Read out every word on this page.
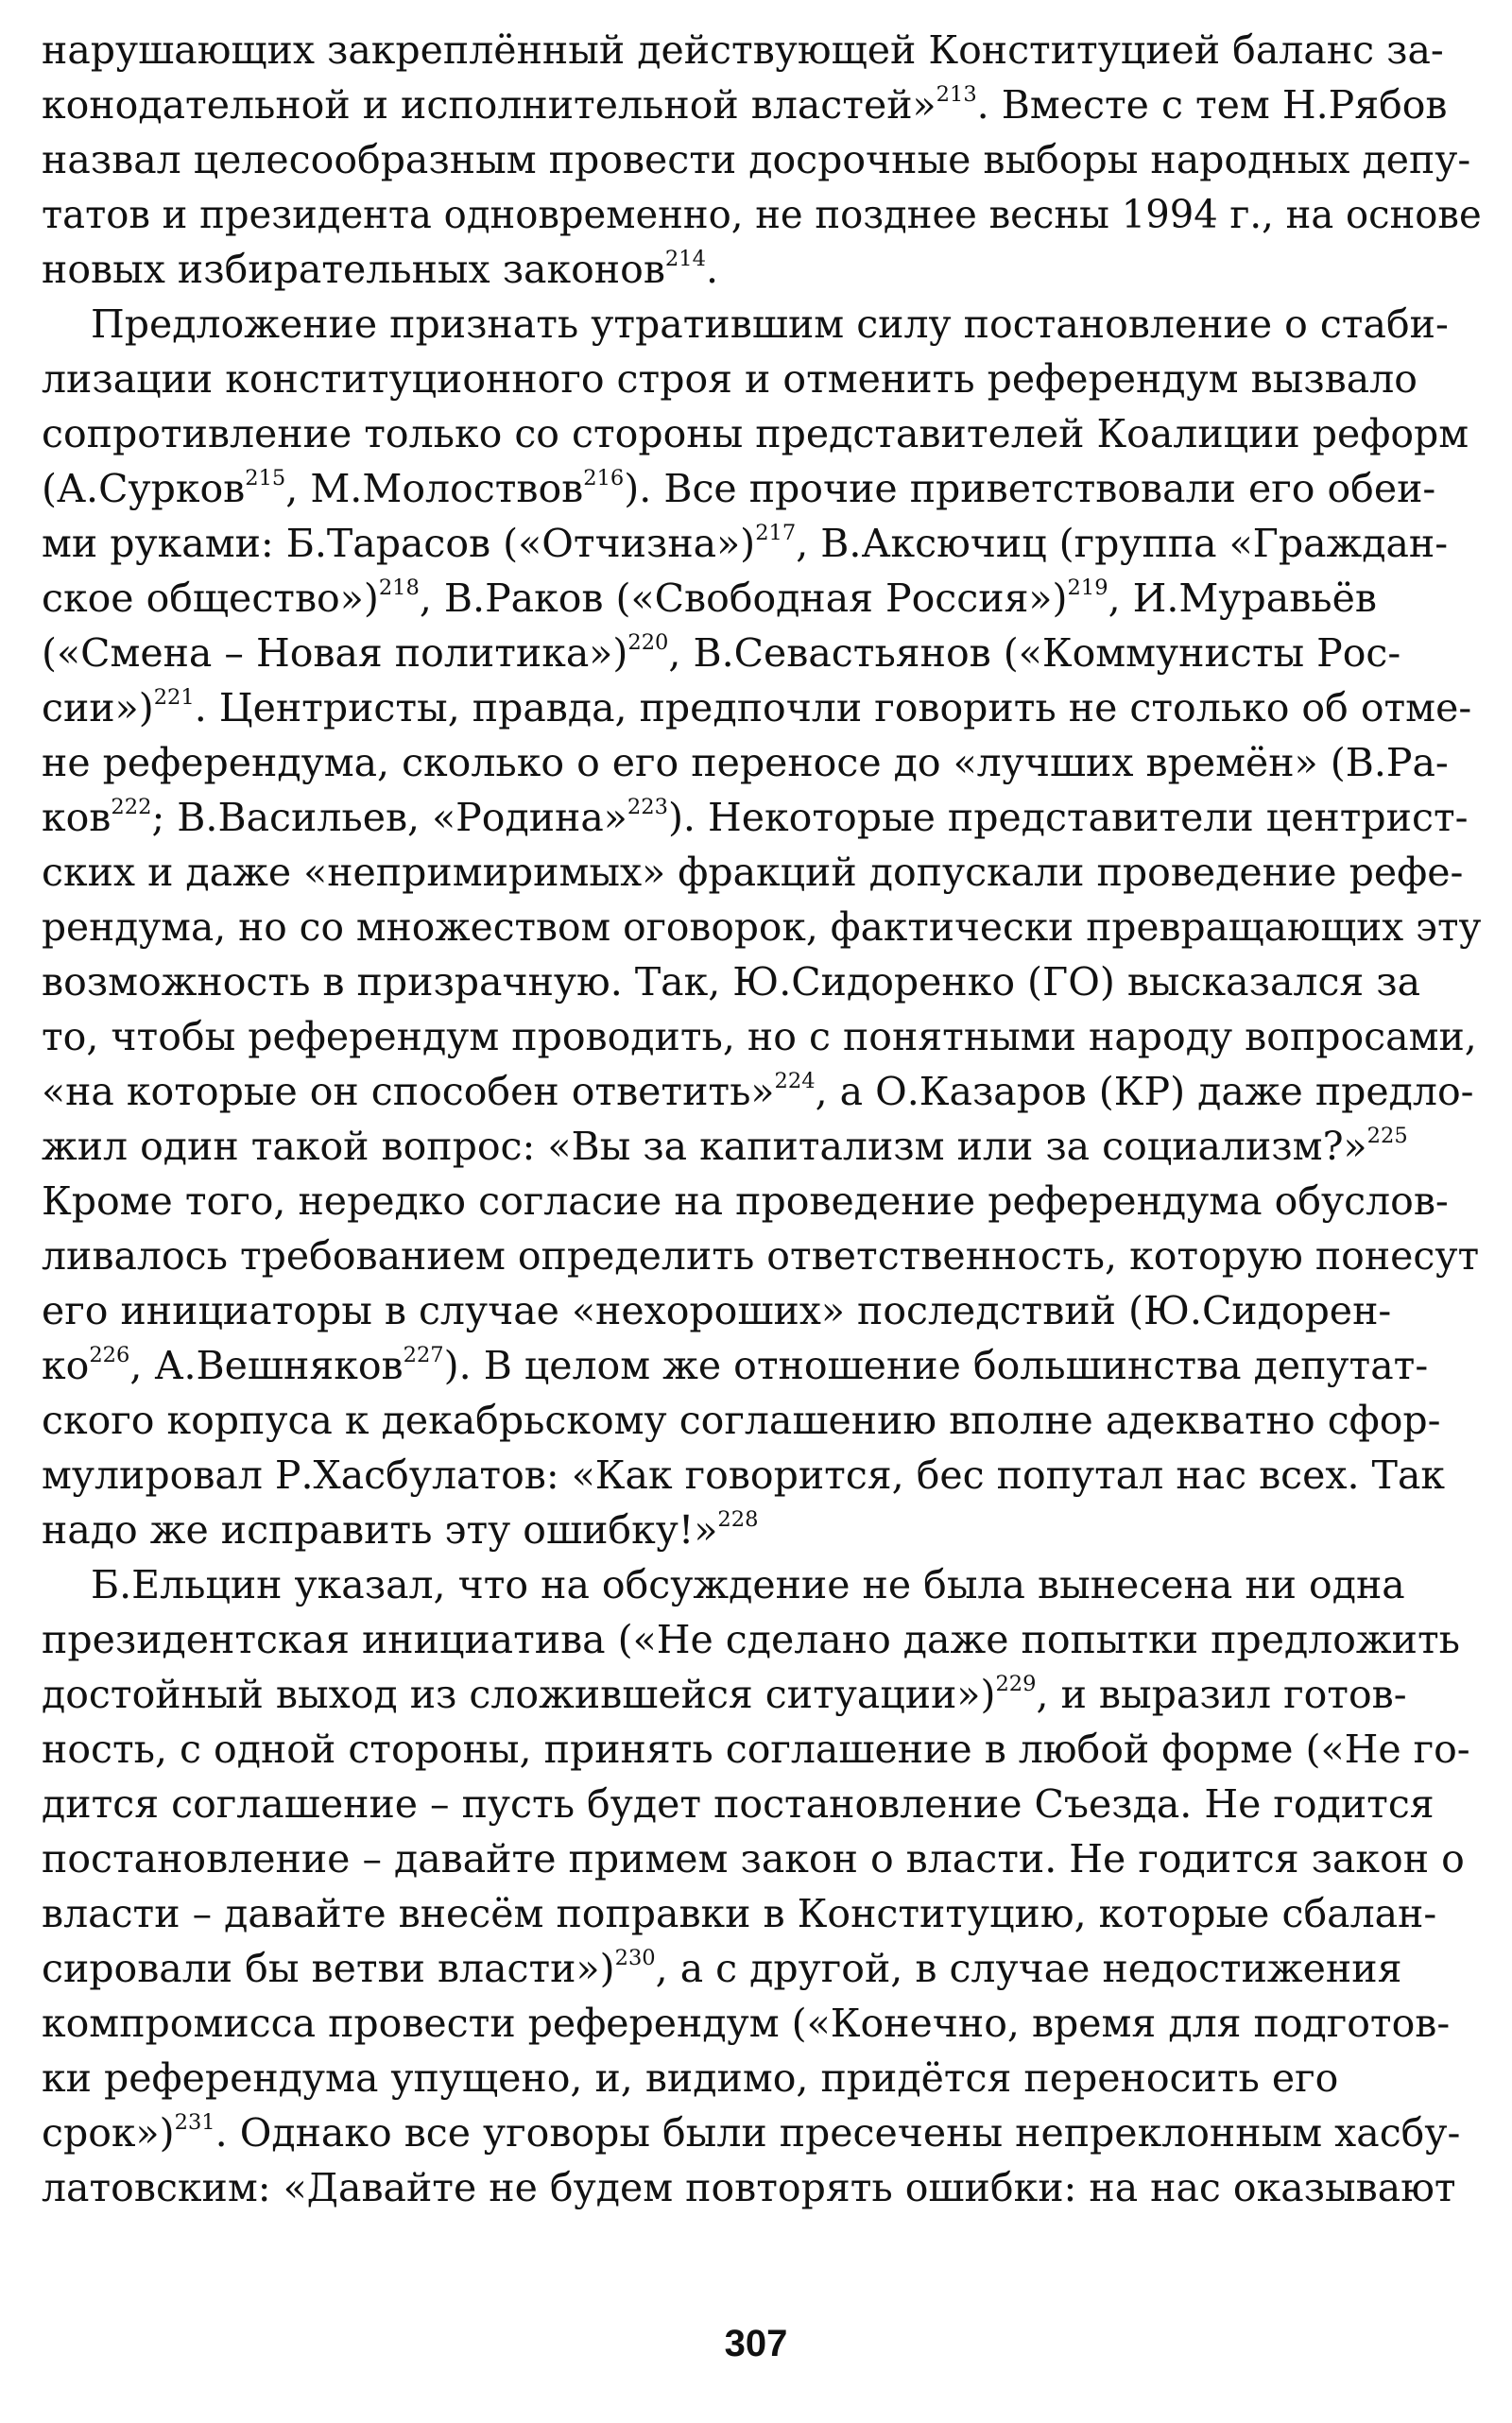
нарушающих закреплённый действующей Конституцией баланс за-
конодательной и исполнительной властей»$^{213}$. Вместе с тем Н.Рябов
назвал целесообразным провести досрочные выборы народных депу-
татов и президента одновременно, не позднее весны 1994 г., на основе
новых избирательных законов$^{214}$.
Предложение признать утратившим силу постановление о стаби-
лизации конституционного строя и отменить референдум вызвало
сопротивление только со стороны представителей Коалиции реформ
(А.Сурков$^{215}$, М.Молоствов$^{216}$). Все прочие приветствовали его обеи-
ми руками: Б.Тарасов («Отчизна»)$^{217}$, В.Аксючиц (группа «Граждан-
ское общество»)$^{218}$, В.Раков («Свободная Россия»)$^{219}$, И.Муравьёв
(«Смена – Новая политика»)$^{220}$, В.Севастьянов («Коммунисты Рос-
сии»)$^{221}$. Центристы, правда, предпочли говорить не столько об отме-
не референдума, сколько о его переносе до «лучших времён» (В.Ра-
ков$^{222}$; В.Васильев, «Родина»$^{223}$). Некоторые представители центрист-
ских и даже «непримиримых» фракций допускали проведение рефе-
рендума, но со множеством оговорок, фактически превращающих эту
возможность в призрачную. Так, Ю.Сидоренко (ГО) высказался за
то, чтобы референдум проводить, но с понятными народу вопросами,
«на которые он способен ответить»$^{224}$, а О.Казаров (КР) даже предло-
жил один такой вопрос: «Вы за капитализм или за социализм?»$^{225}$
Кроме того, нередко согласие на проведение референдума обуслов-
ливалось требованием определить ответственность, которую понесут
его инициаторы в случае «нехороших» последствий (Ю.Сидорен-
$ко^{226}$, А.Вешняков$^{227}$). В целом же отношение большинства депутат-
ского корпуса к декабрьскому соглашению вполне адекватно сфор-
мулировал Р.Хасбулатов: «Как говорится, бес попутал нас всех. Так
надо же исправить эту ошибку!»$^{228}$
Б.Ельцин указал, что на обсуждение не была вынесена ни одна
президентская инициатива («Не сделано даже попытки предложить
достойный выход из сложившейся ситуации»)$^{229}$, и выразил готов-
ность, с одной стороны, принять соглашение в любой форме («Не го-
дится соглашение – пусть будет постановление Съезда. Не годится
постановление – давайте примем закон о власти. Не годится закон о
власти – давайте внесём поправки в Конституцию, которые сбалан-
сировали бы ветви власти»)$^{230}$, а с другой, в случае недостижения
компромисса провести референдум («Конечно, время для подготов-
ки референдума упущено, и, видимо, придётся переносить его
срок»)$^{231}$. Однако все уговоры были пресечены непреклонным хасбу-
латовским: «Давайте не будем повторять ошибки: на нас оказывают
307
